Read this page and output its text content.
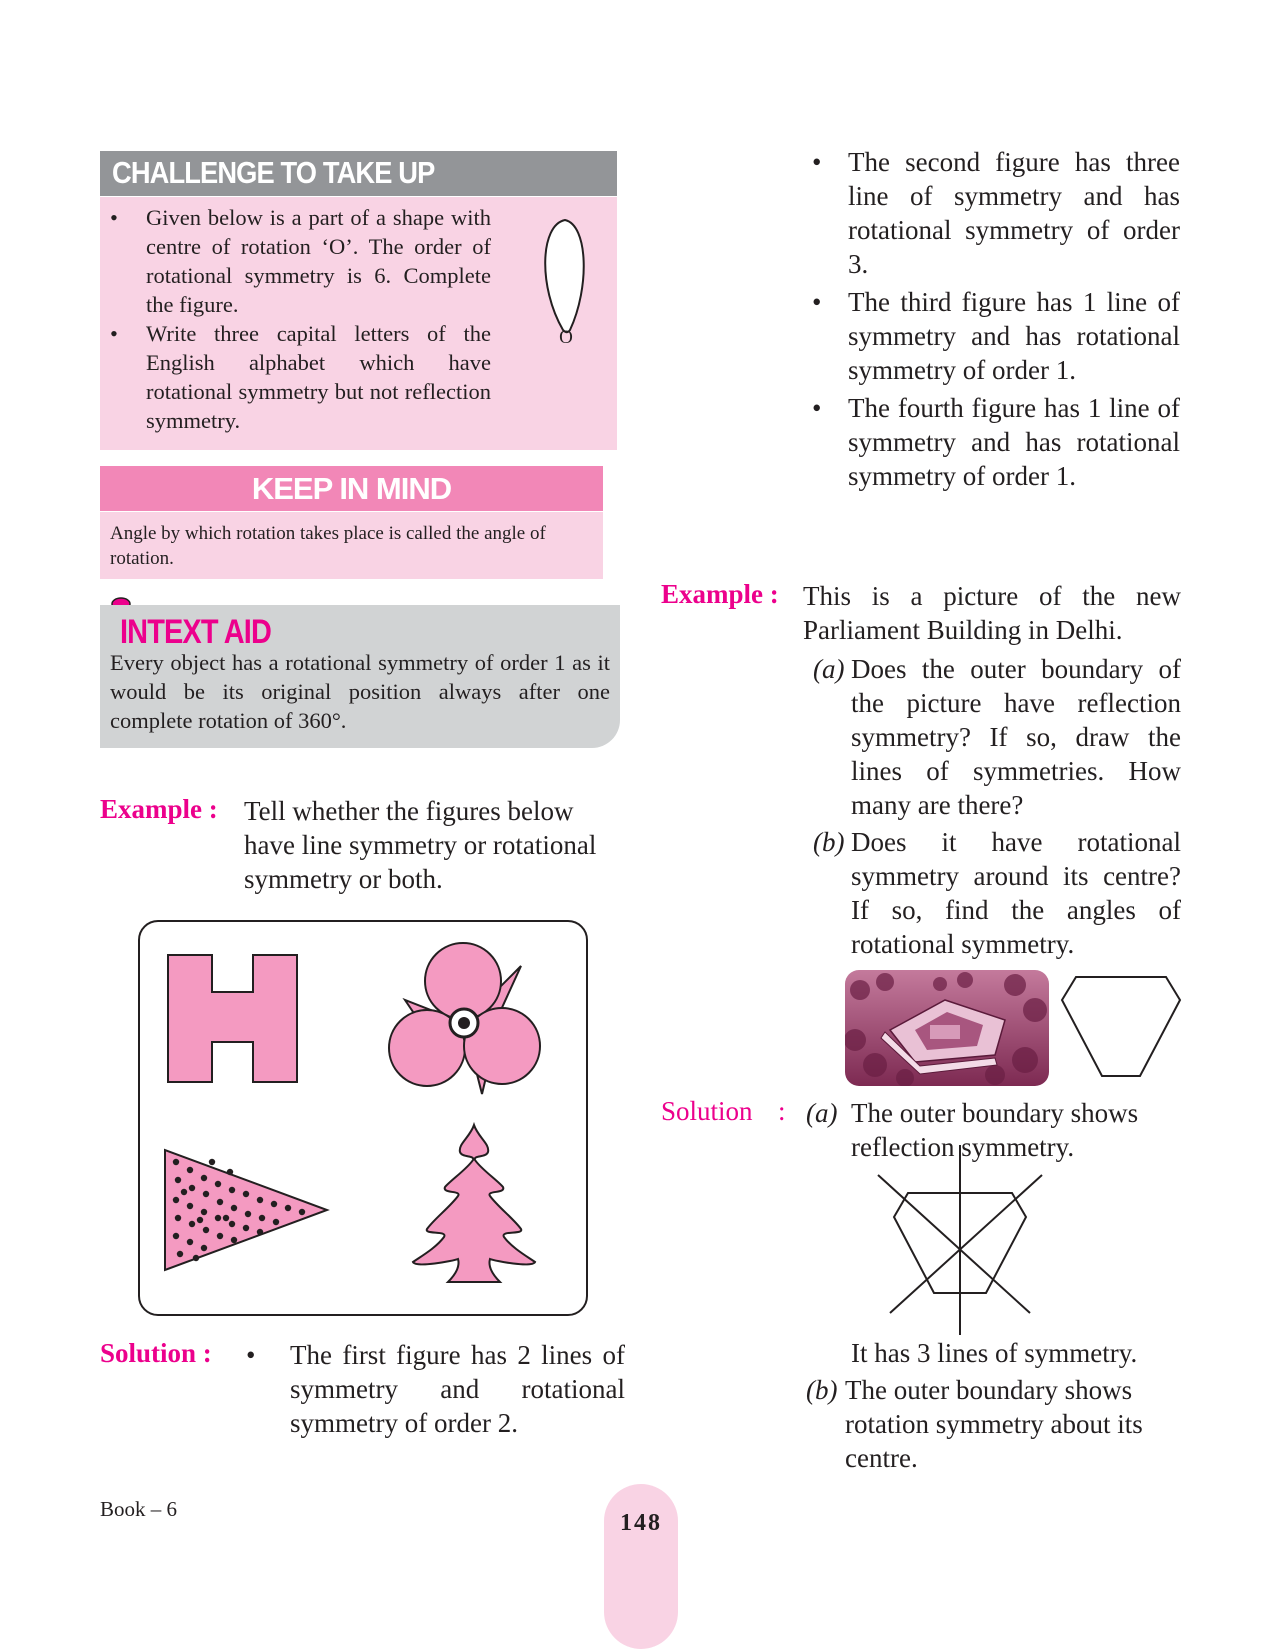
CHALLENGE TO TAKE UP
• Given below is a part of a shape with centre of rotation ‘O’. The order of rotational symmetry is 6. Complete the figure.
• Write three capital letters of the English alphabet which have rotational symmetry but not reflection symmetry.
O
KEEP IN MIND
Angle by which rotation takes place is called the angle of rotation.
INTEXT AID
Every object has a rotational symmetry of order 1 as it would be its original position always after one complete rotation of 360°.
Example : Tell whether the figures below have line symmetry or rotational symmetry or both.
Solution : • The first figure has 2 lines of symmetry and rotational symmetry of order 2.
• The second figure has three line of symmetry and has rotational symmetry of order 3.
• The third figure has 1 line of symmetry and has rotational symmetry of order 1.
• The fourth figure has 1 line of symmetry and has rotational symmetry of order 1.
Example : This is a picture of the new Parliament Building in Delhi.
(a) Does the outer boundary of the picture have reflection symmetry? If so, draw the lines of symmetries. How many are there?
(b) Does it have rotational symmetry around its centre? If so, find the angles of rotational symmetry.
Solution : (a) The outer boundary shows reflection symmetry.
It has 3 lines of symmetry.
(b) The outer boundary shows rotation symmetry about its centre.
Book – 6
148
